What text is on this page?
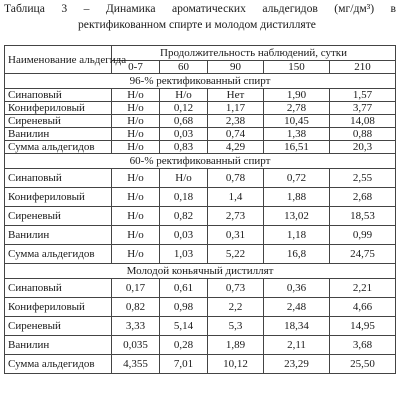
Таблица 3 – Динамика ароматических альдегидов (мг/дм³) в
ректификованном спирте и молодом дистилляте
Наименование альдегида	Продолжительность наблюдений, сутки				
	0-7	60	90	150	210
96-% ректификованный спирт					
Синаповый	Н/о	Н/о	Нет	1,90	1,57
Конифериловый	Н/о	0,12	1,17	2,78	3,77
Сиреневый	Н/о	0,68	2,38	10,45	14,08
Ванилин	Н/о	0,03	0,74	1,38	0,88
Сумма альдегидов	Н/о	0,83	4,29	16,51	20,3
60-% ректификованный спирт					
Синаповый	Н/о	Н/о	0,78	0,72	2,55
Конифериловый	Н/о	0,18	1,4	1,88	2,68
Сиреневый	Н/о	0,82	2,73	13,02	18,53
Ванилин	Н/о	0,03	0,31	1,18	0,99
Сумма альдегидов	Н/о	1,03	5,22	16,8	24,75
Молодой коньячный дистиллят					
Синаповый	0,17	0,61	0,73	0,36	2,21
Конифериловый	0,82	0,98	2,2	2,48	4,66
Сиреневый	3,33	5,14	5,3	18,34	14,95
Ванилин	0,035	0,28	1,89	2,11	3,68
Сумма альдегидов	4,355	7,01	10,12	23,29	25,50
